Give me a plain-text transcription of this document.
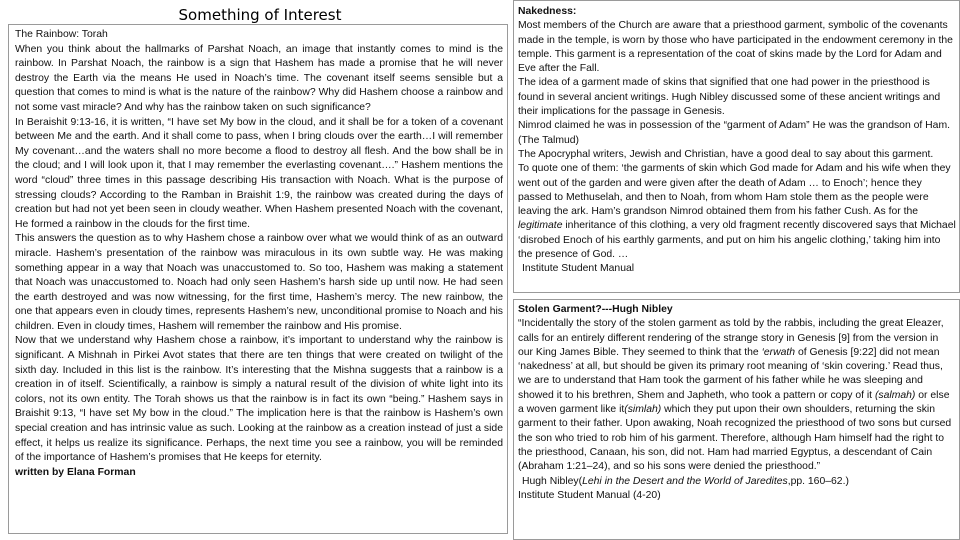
Something of Interest

The Rainbow: Torah

When you think about the hallmarks of Parshat Noach, an image that instantly comes to mind is the rainbow. In Parshat Noach, the rainbow is a sign that Hashem has made a promise that he will never destroy the Earth via the means He used in Noach’s time. The covenant itself seems sensible but a question that comes to mind is what is the nature of the rainbow? Why did Hashem choose a rainbow and not some vast miracle? And why has the rainbow taken on such significance?

In Beraishit 9:13-16, it is written, “I have set My bow in the cloud, and it shall be for a token of a covenant between Me and the earth. And it shall come to pass, when I bring clouds over the earth…I will remember My covenant…and the waters shall no more become a flood to destroy all flesh. And the bow shall be in the cloud; and I will look upon it, that I may remember the everlasting covenant….” Hashem mentions the word “cloud” three times in this passage describing His transaction with Noach. What is the purpose of stressing clouds? According to the Ramban in Braishit 1:9, the rainbow was created during the days of creation but had not yet been seen in cloudy weather. When Hashem presented Noach with the covenant, He formed a rainbow in the clouds for the first time.

This answers the question as to why Hashem chose a rainbow over what we would think of as an outward miracle. Hashem’s presentation of the rainbow was miraculous in its own subtle way. He was making something appear in a way that Noach was unaccustomed to. So too, Hashem was making a statement that Noach was unaccustomed to. Noach had only seen Hashem’s harsh side up until now. He had seen the earth destroyed and was now witnessing, for the first time, Hashem’s mercy. The new rainbow, the one that appears even in cloudy times, represents Hashem’s new, unconditional promise to Noach and his children. Even in cloudy times, Hashem will remember the rainbow and His promise.

Now that we understand why Hashem chose a rainbow, it’s important to understand why the rainbow is significant. A Mishnah in Pirkei Avot states that there are ten things that were created on twilight of the sixth day. Included in this list is the rainbow. It’s interesting that the Mishna suggests that a rainbow is a creation in of itself. Scientifically, a rainbow is simply a natural result of the division of white light into its colors, not its own entity. The Torah shows us that the rainbow is in fact its own “being.” Hashem says in Braishit 9:13, “I have set My bow in the cloud.” The implication here is that the rainbow is Hashem’s own special creation and has intrinsic value as such. Looking at the rainbow as a creation instead of just a side effect, it helps us realize its significance. Perhaps, the next time you see a rainbow, you will be reminded of the importance of Hashem’s promises that He keeps for eternity.

written by Elana Forman

Nakedness:

Most members of the Church are aware that a priesthood garment, symbolic of the covenants made in the temple, is worn by those who have participated in the endowment ceremony in the temple. This garment is a representation of the coat of skins made by the Lord for Adam and Eve after the Fall.

The idea of a garment made of skins that signified that one had power in the priesthood is found in several ancient writings. Hugh Nibley discussed some of these ancient writings and their implications for the passage in Genesis.

Nimrod claimed he was in possession of the “garment of Adam” He was the grandson of Ham. (The Talmud)

The Apocryphal writers, Jewish and Christian, have a good deal to say about this garment.

To quote one of them: ‘the garments of skin which God made for Adam and his wife when they went out of the garden and were given after the death of Adam … to Enoch’; hence they passed to Methuselah, and then to Noah, from whom Ham stole them as the people were leaving the ark. Ham’s grandson Nimrod obtained them from his father Cush. As for the legitimate inheritance of this clothing, a very old fragment recently discovered says that Michael ‘disrobed Enoch of his earthly garments, and put on him his angelic clothing,’ taking him into the presence of God. …

Institute Student Manual

Stolen Garment?---Hugh Nibley

“Incidentally the story of the stolen garment as told by the rabbis, including the great Eleazer, calls for an entirely different rendering of the strange story in Genesis [9] from the version in our King James Bible. They seemed to think that the ‘erwath of Genesis [9:22] did not mean ‘nakedness’ at all, but should be given its primary root meaning of ‘skin covering.’ Read thus, we are to understand that Ham took the garment of his father while he was sleeping and showed it to his brethren, Shem and Japheth, who took a pattern or copy of it (salmah) or else a woven garment like it(simlah) which they put upon their own shoulders, returning the skin garment to their father. Upon awaking, Noah recognized the priesthood of two sons but cursed the son who tried to rob him of his garment. Therefore, although Ham himself had the right to the priesthood, Canaan, his son, did not. Ham had married Egyptus, a descendant of Cain (Abraham 1:21–24), and so his sons were denied the priesthood.”

Hugh Nibley(Lehi in the Desert and the World of Jaredites,pp. 160–62.)

Institute Student Manual (4-20)
